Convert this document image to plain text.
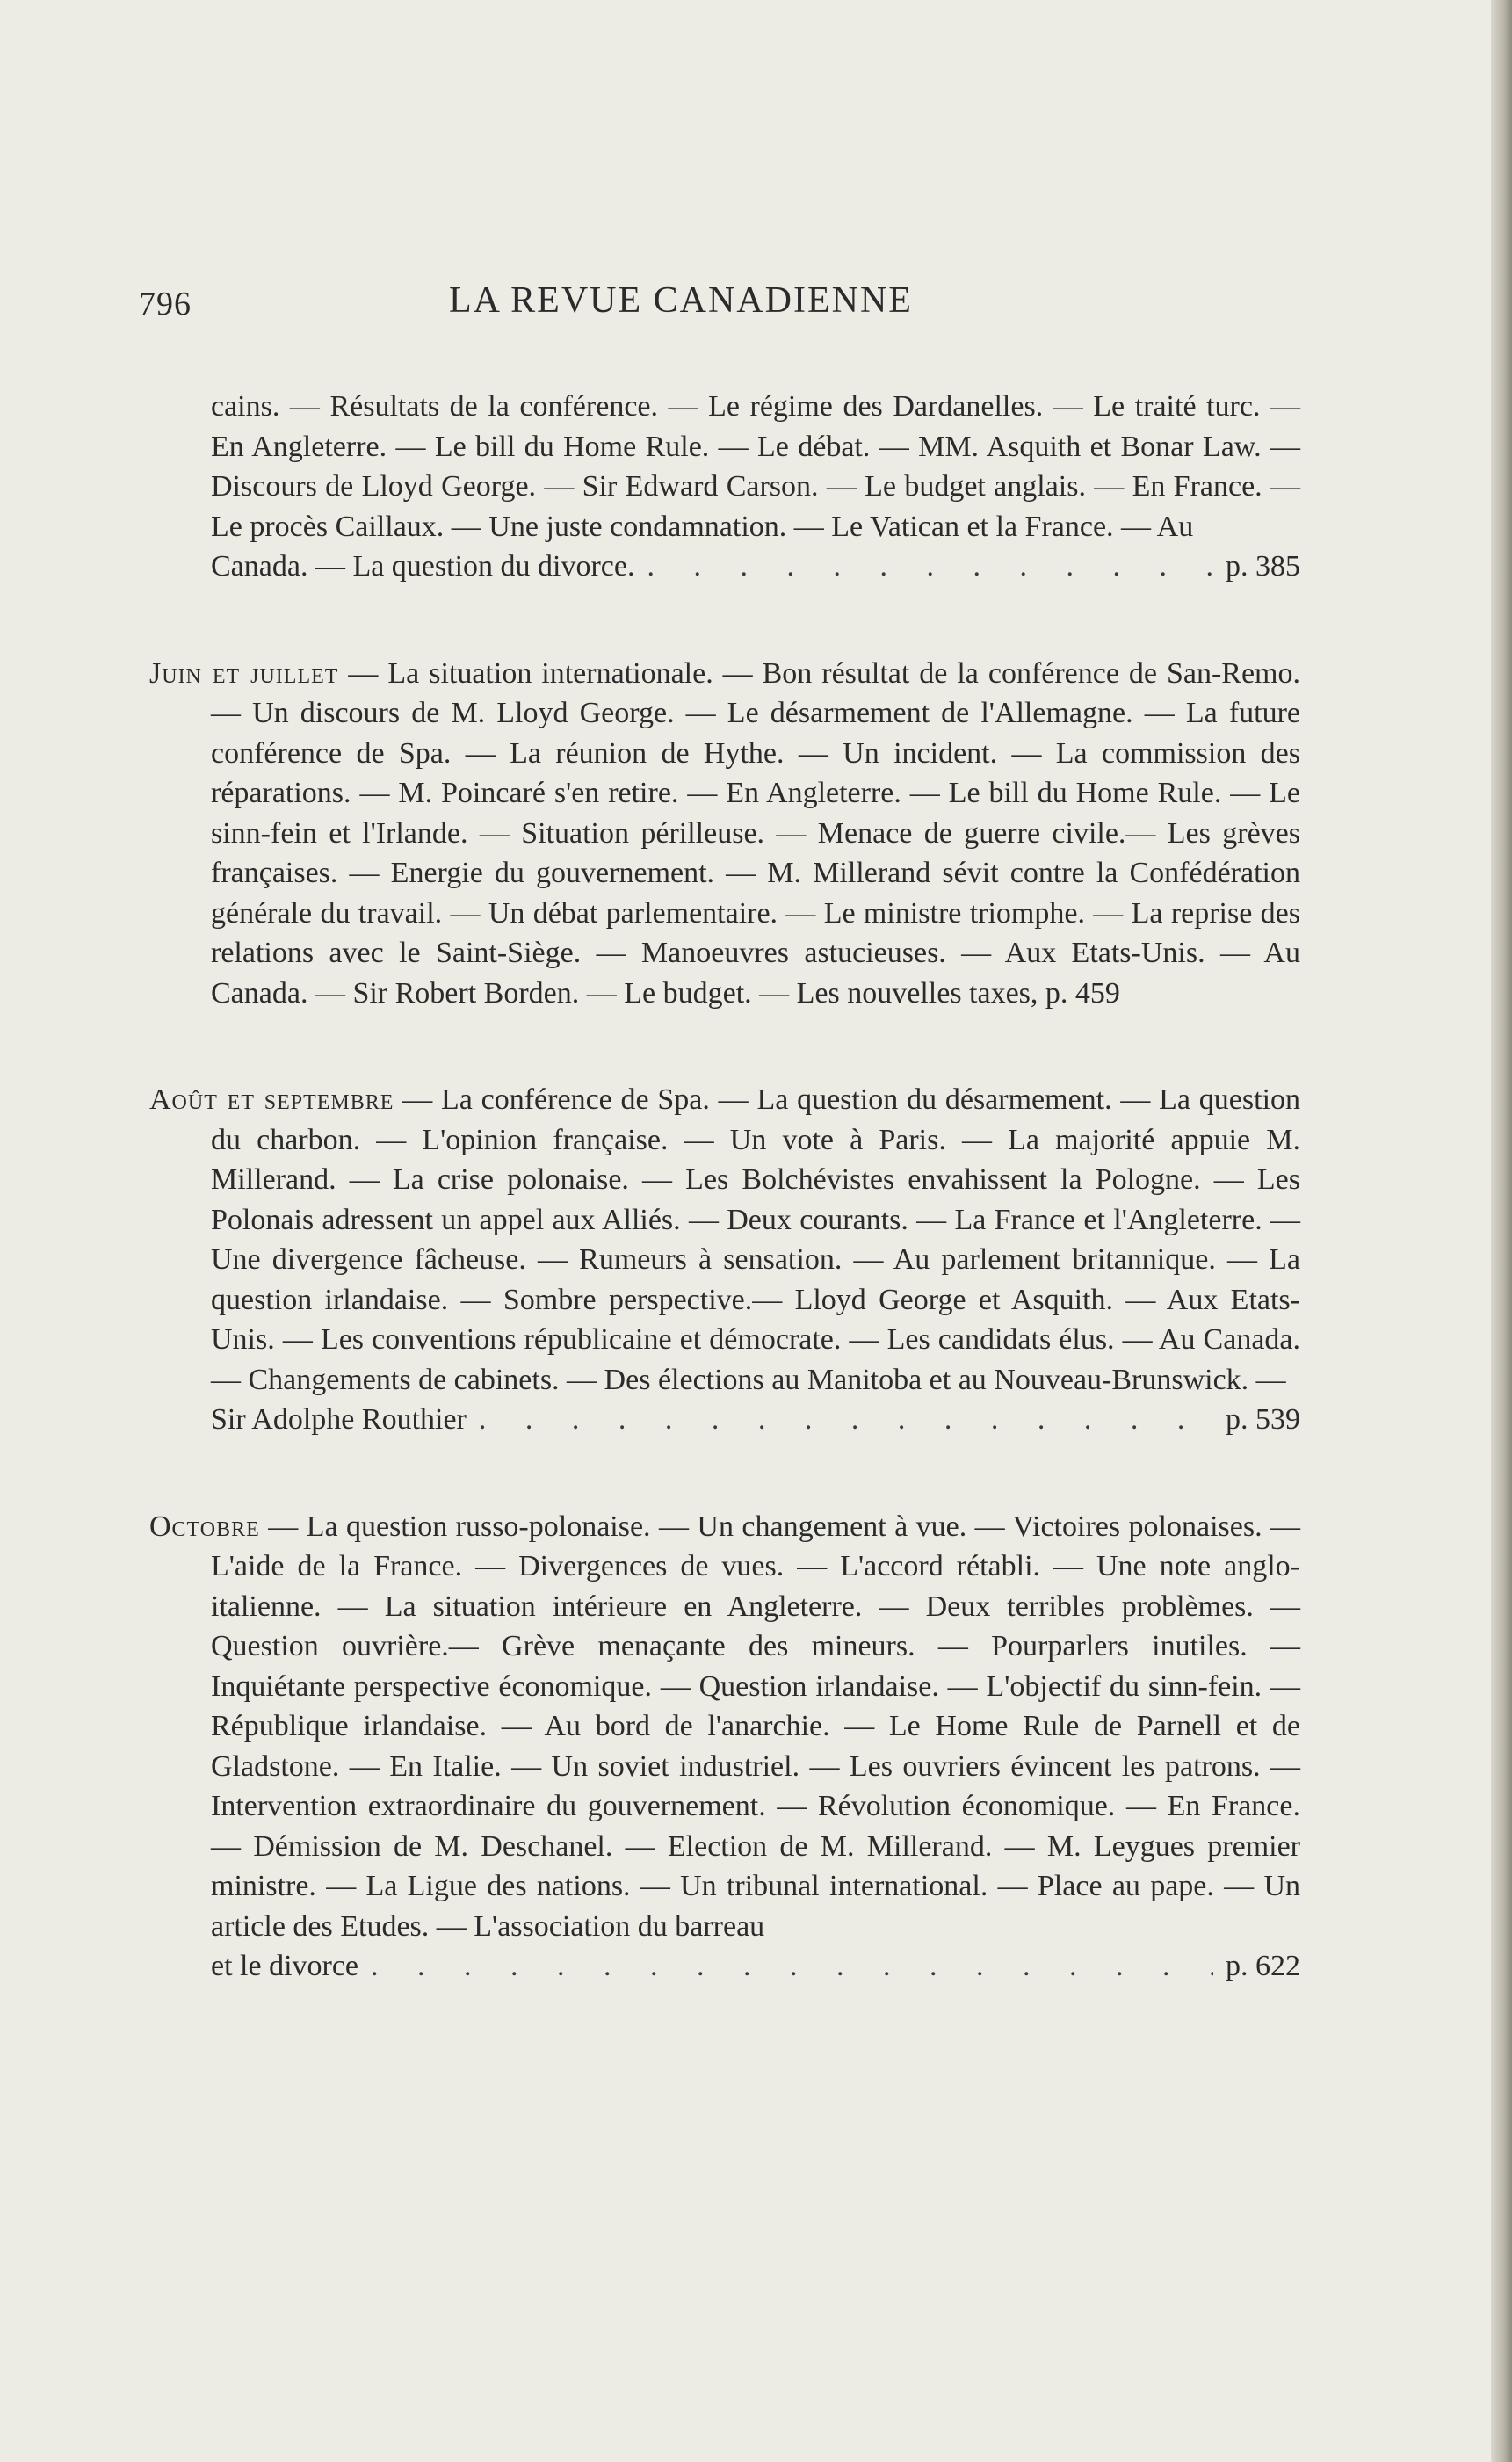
796	LA REVUE CANADIENNE
cains. — Résultats de la conférence. — Le régime des Dardanelles. — Le traité turc. — En Angleterre. — Le bill du Home Rule. — Le débat. — MM. Asquith et Bonar Law. — Discours de Lloyd George. — Sir Edward Carson. — Le budget anglais. — En France. — Le procès Caillaux. — Une juste condamnation. — Le Vatican et la France. — Au
Canada. — La question du divorce. . . .	p. 385
Juin et juillet — La situation internationale. — Bon résultat de la conférence de San-Remo. — Un discours de M. Lloyd George. — Le désarmement de l'Allemagne. — La future conférence de Spa. — La réunion de Hythe. — Un incident. — La commission des réparations. — M. Poincaré s'en retire. — En Angleterre. — Le bill du Home Rule. — Le sinn-fein et l'Irlande. — Situation périlleuse. — Menace de guerre civile.— Les grèves françaises. — Energie du gouvernement. — M. Millerand sévit contre la Confédération générale du travail. — Un débat parlementaire. — Le ministre triomphe. — La reprise des relations avec le Saint-Siège. — Manoeuvres astucieuses. — Aux Etats-Unis. — Au Canada. — Sir Robert Borden. — Le budget. — Les nouvelles taxes, p. 459
Août et septembre — La conférence de Spa. — La question du désarmement. — La question du charbon. — L'opinion française. — Un vote à Paris. — La majorité appuie M. Millerand. — La crise polonaise. — Les Bolchévistes envahissent la Pologne. — Les Polonais adressent un appel aux Alliés. — Deux courants. — La France et l'Angleterre. — Une divergence fâcheuse. — Rumeurs à sensation. — Au parlement britannique. — La question irlandaise. — Sombre perspective.— Lloyd George et Asquith. — Aux Etats-Unis. — Les conventions républicaine et démocrate. — Les candidats élus. — Au Canada. — Changements de cabinets. — Des élections au Manitoba et au Nouveau-Brunswick. —
Sir Adolphe Routhier . . .	p. 539
Octobre — La question russo-polonaise. — Un changement à vue. — Victoires polonaises. — L'aide de la France. — Divergences de vues. — L'accord rétabli. — Une note anglo-italienne. — La situation intérieure en Angleterre. — Deux terribles problèmes. — Question ouvrière.— Grève menaçante des mineurs. — Pourparlers inutiles. — Inquiétante perspective économique. — Question irlandaise. — L'objectif du sinn-fein. — République irlandaise. — Au bord de l'anarchie. — Le Home Rule de Parnell et de Gladstone. — En Italie. — Un soviet industriel. — Les ouvriers évincent les patrons. — Intervention extraordinaire du gouvernement. — Révolution économique. — En France. — Démission de M. Deschanel. — Election de M. Millerand. — M. Leygues premier ministre. — La Ligue des nations. — Un tribunal international. — Place au pape. — Un article des Etudes. — L'association du barreau
et le divorce . . .	p. 622
